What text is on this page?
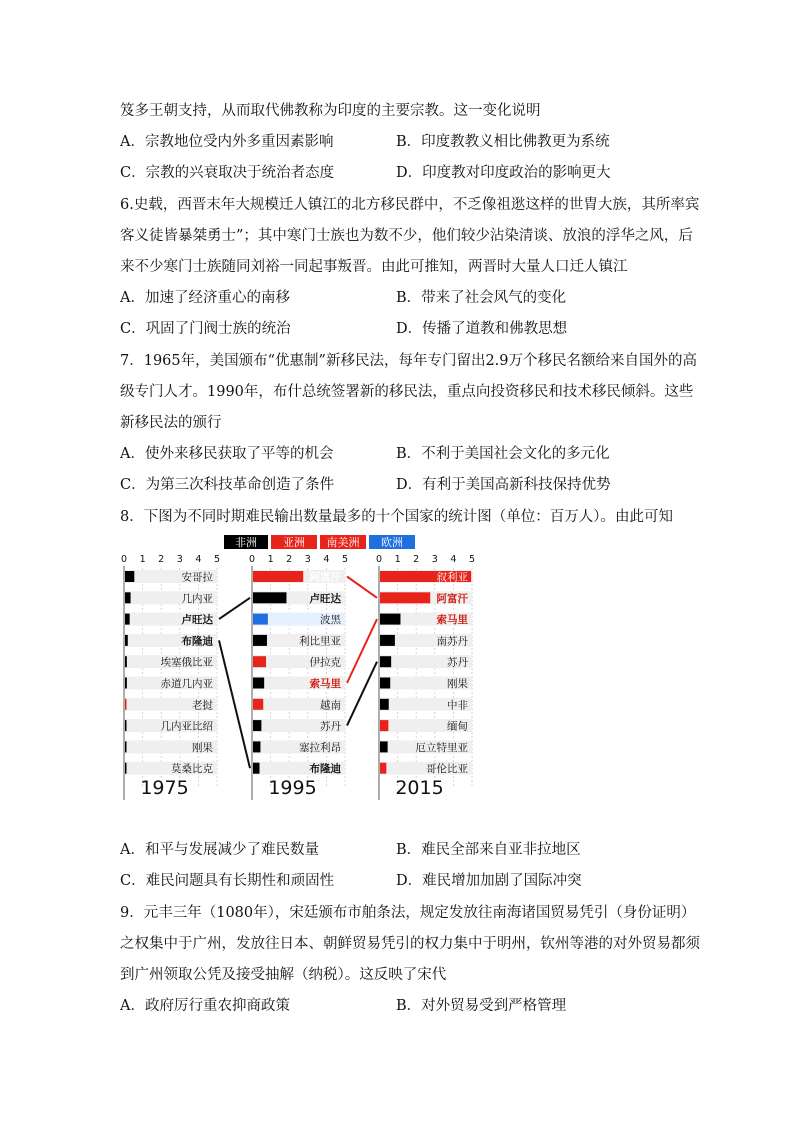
笈多王朝支持，从而取代佛教称为印度的主要宗教。这一变化说明
A．宗教地位受内外多重因素影响	B．印度教教义相比佛教更为系统
C．宗教的兴衰取决于统治者态度	D．印度教对印度政治的影响更大
6.史载，西晋末年大规模迁人镇江的北方移民群中，不乏像祖逖这样的世胄大族，其所率宾
客义徒皆暴桀勇士”；其中寒门士族也为数不少，他们较少沾染清谈、放浪的浮华之风，后
来不少寒门士族随同刘裕一同起事叛晋。由此可推知，两晋时大量人口迁人镇江
A．加速了经济重心的南移	B．带来了社会风气的变化
C．巩固了门阀士族的统治	D．传播了道教和佛教思想
7．1965年，美国颁布“优惠制”新移民法，每年专门留出2.9万个移民名额给来自国外的高
级专门人才。1990年，布什总统签署新的移民法，重点向投资移民和技术移民倾斜。这些
新移民法的颁行
A．使外来移民获取了平等的机会	B．不利于美国社会文化的多元化
C．为第三次科技革命创造了条件	D．有利于美国高新科技保持优势
8．下图为不同时期难民输出数量最多的十个国家的统计图（单位：百万人）。由此可知
非洲 亚洲 南美洲 欧洲
0 1 2 3 4 5
安哥拉
几内亚
卢旺达
布隆迪
埃塞俄比亚
赤道几内亚
老挝
几内亚比绍
刚果
莫桑比克
1975
0 1 2 3 4 5
阿富汗
卢旺达
波黑
利比里亚
伊拉克
索马里
越南
苏丹
塞拉利昂
布隆迪
1995
0 1 2 3 4 5
叙利亚
阿富汗
索马里
南苏丹
苏丹
刚果
中非
缅甸
厄立特里亚
哥伦比亚
2015
A．和平与发展减少了难民数量	B．难民全部来自亚非拉地区
C．难民问题具有长期性和顽固性	D．难民增加加剧了国际冲突
9．元丰三年（1080年），宋廷颁布市舶条法，规定发放往南海诸国贸易凭引（身份证明）
之权集中于广州，发放往日本、朝鲜贸易凭引的权力集中于明州，钦州等港的对外贸易都须
到广州领取公凭及接受抽解（纳税）。这反映了宋代
A．政府厉行重农抑商政策	B．对外贸易受到严格管理
